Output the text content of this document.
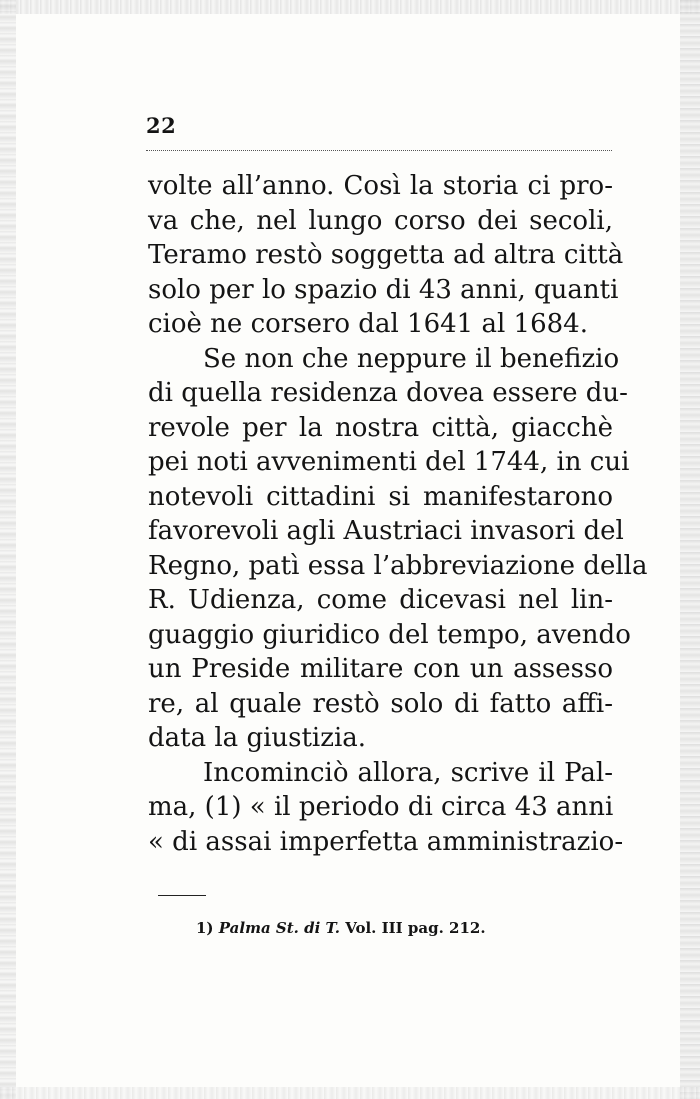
22
volte all’anno. Così la storia ci pro-
va che, nel lungo corso dei secoli,
Teramo restò soggetta ad altra città
solo per lo spazio di 43 anni, quanti
cioè ne corsero dal 1641 al 1684.
Se non che neppure il benefizio
di quella residenza dovea essere du-
revole per la nostra città, giacchè
pei noti avvenimenti del 1744, in cui
notevoli cittadini si manifestarono
favorevoli agli Austriaci invasori del
Regno, patì essa l’abbreviazione della
R. Udienza, come dicevasi nel lin-
guaggio giuridico del tempo, avendo
un Preside militare con un assesso
re, al quale restò solo di fatto affi-
data la giustizia.
Incominciò allora, scrive il Pal-
1) Palma St. di T. Vol. III pag. 212.
ma, (1) « il periodo di circa 43 anni
« di assai imperfetta amministrazio-
